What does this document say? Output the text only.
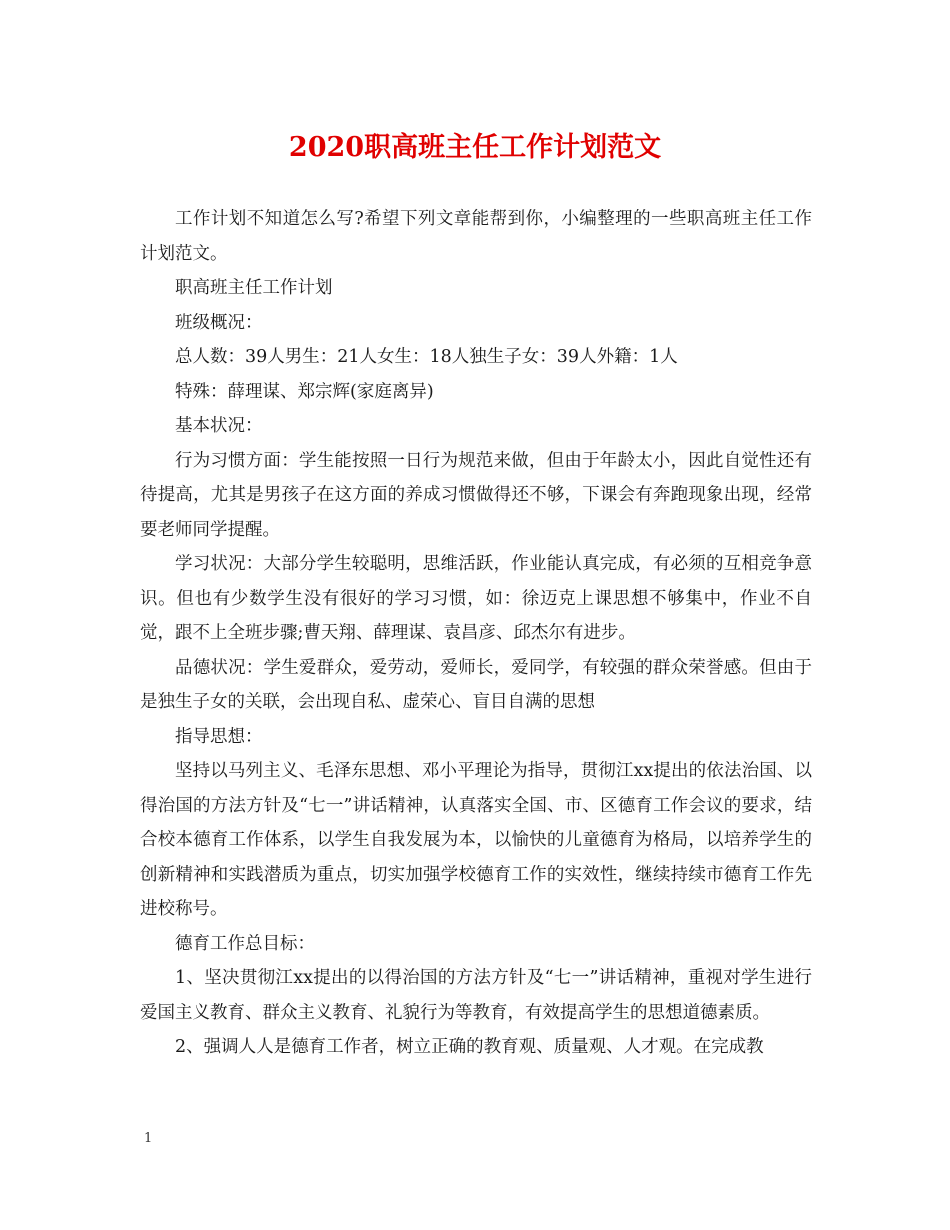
2020职高班主任工作计划范文

工作计划不知道怎么写?希望下列文章能帮到你，小编整理的一些职高班主任工作计划范文。

职高班主任工作计划

班级概况：

总人数：39人男生：21人女生：18人独生子女：39人外籍：1人

特殊：薛理谋、郑宗辉(家庭离异)

基本状况：

行为习惯方面：学生能按照一日行为规范来做，但由于年龄太小，因此自觉性还有待提高，尤其是男孩子在这方面的养成习惯做得还不够，下课会有奔跑现象出现，经常要老师同学提醒。

学习状况：大部分学生较聪明，思维活跃，作业能认真完成，有必须的互相竞争意识。但也有少数学生没有很好的学习习惯，如：徐迈克上课思想不够集中，作业不自觉，跟不上全班步骤;曹天翔、薛理谋、袁昌彦、邱杰尔有进步。

品德状况：学生爱群众，爱劳动，爱师长，爱同学，有较强的群众荣誉感。但由于是独生子女的关联，会出现自私、虚荣心、盲目自满的思想

指导思想：

坚持以马列主义、毛泽东思想、邓小平理论为指导，贯彻江xx提出的依法治国、以得治国的方法方针及“七一”讲话精神，认真落实全国、市、区德育工作会议的要求，结合校本德育工作体系，以学生自我发展为本，以愉快的儿童德育为格局，以培养学生的创新精神和实践潜质为重点，切实加强学校德育工作的实效性，继续持续市德育工作先进校称号。

德育工作总目标：

1、坚决贯彻江xx提出的以得治国的方法方针及“七一”讲话精神，重视对学生进行爱国主义教育、群众主义教育、礼貌行为等教育，有效提高学生的思想道德素质。

2、强调人人是德育工作者，树立正确的教育观、质量观、人才观。在完成教

1
